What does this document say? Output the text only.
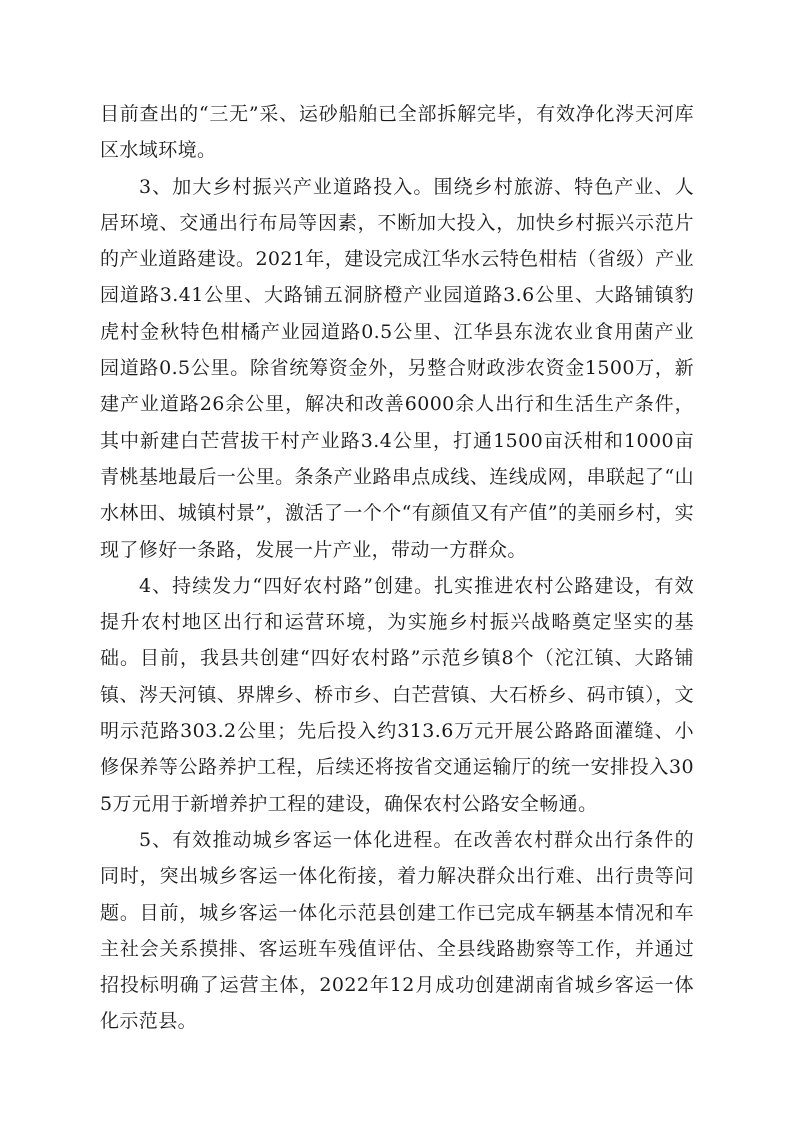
目前查出的“三无”采、运砂船舶已全部拆解完毕，有效净化涔天河库区水域环境。

3、加大乡村振兴产业道路投入。围绕乡村旅游、特色产业、人居环境、交通出行布局等因素，不断加大投入，加快乡村振兴示范片的产业道路建设。2021年，建设完成江华水云特色柑桔（省级）产业园道路3.41公里、大路铺五洞脐橙产业园道路3.6公里、大路铺镇豹虎村金秋特色柑橘产业园道路0.5公里、江华县东泷农业食用菌产业园道路0.5公里。除省统筹资金外，另整合财政涉农资金1500万，新建产业道路26余公里，解决和改善6000余人出行和生活生产条件，其中新建白芒营拔干村产业路3.4公里，打通1500亩沃柑和1000亩青桃基地最后一公里。条条产业路串点成线、连线成网，串联起了“山水林田、城镇村景”，激活了一个个“有颜值又有产值”的美丽乡村，实现了修好一条路，发展一片产业，带动一方群众。

4、持续发力“四好农村路”创建。扎实推进农村公路建设，有效提升农村地区出行和运营环境，为实施乡村振兴战略奠定坚实的基础。目前，我县共创建“四好农村路”示范乡镇8个（沱江镇、大路铺镇、涔天河镇、界牌乡、桥市乡、白芒营镇、大石桥乡、码市镇），文明示范路303.2公里；先后投入约313.6万元开展公路路面灌缝、小修保养等公路养护工程，后续还将按省交通运输厅的统一安排投入305万元用于新增养护工程的建设，确保农村公路安全畅通。

5、有效推动城乡客运一体化进程。在改善农村群众出行条件的同时，突出城乡客运一体化衔接，着力解决群众出行难、出行贵等问题。目前，城乡客运一体化示范县创建工作已完成车辆基本情况和车主社会关系摸排、客运班车残值评估、全县线路勘察等工作，并通过招投标明确了运营主体，2022年12月成功创建湖南省城乡客运一体化示范县。
